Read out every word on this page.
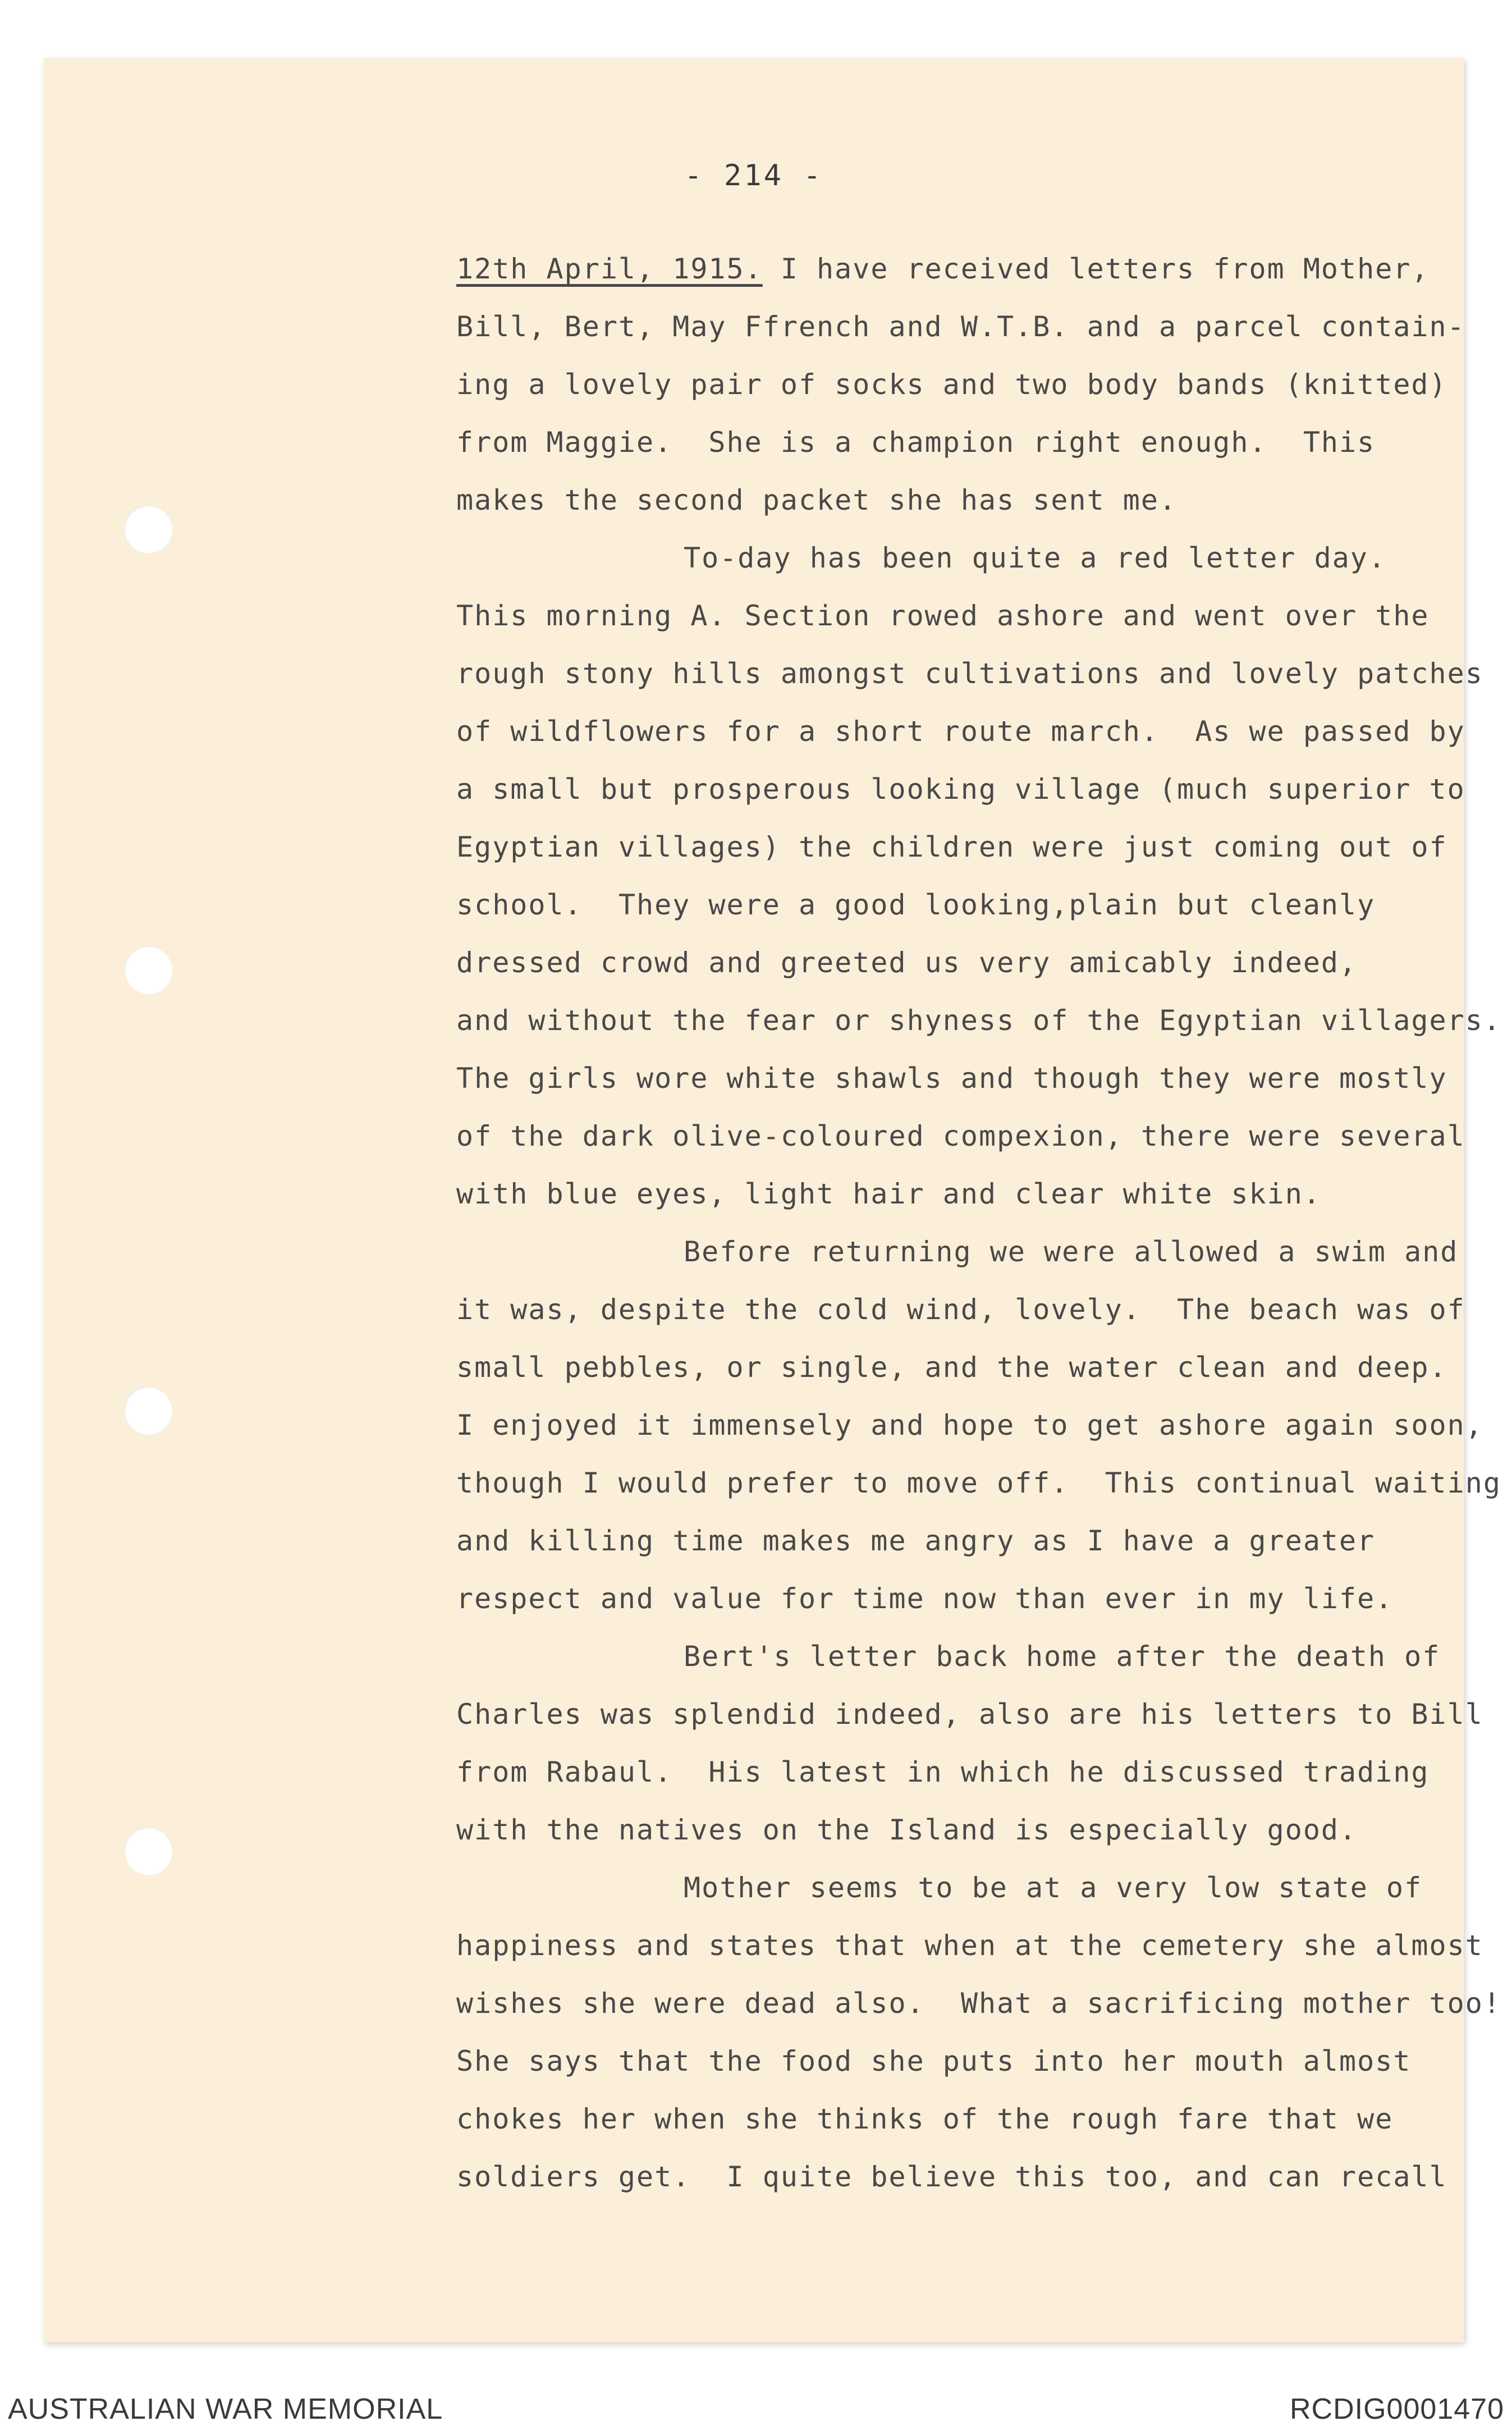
- 214 -
12th April, 1915. I have received letters from Mother,
Bill, Bert, May Ffrench and W.T.B. and a parcel contain-
ing a lovely pair of socks and two body bands (knitted)
from Maggie.  She is a champion right enough.  This
makes the second packet she has sent me.
To-day has been quite a red letter day.
This morning A. Section rowed ashore and went over the
rough stony hills amongst cultivations and lovely patches
of wildflowers for a short route march.  As we passed by
a small but prosperous looking village (much superior to
Egyptian villages) the children were just coming out of
school.  They were a good looking,plain but cleanly
dressed crowd and greeted us very amicably indeed,
and without the fear or shyness of the Egyptian villagers.
The girls wore white shawls and though they were mostly
of the dark olive-coloured compexion, there were several
with blue eyes, light hair and clear white skin.
Before returning we were allowed a swim and
it was, despite the cold wind, lovely.  The beach was of
small pebbles, or single, and the water clean and deep.
I enjoyed it immensely and hope to get ashore again soon,
though I would prefer to move off.  This continual waiting
and killing time makes me angry as I have a greater
respect and value for time now than ever in my life.
Bert's letter back home after the death of
Charles was splendid indeed, also are his letters to Bill
from Rabaul.  His latest in which he discussed trading
with the natives on the Island is especially good.
Mother seems to be at a very low state of
happiness and states that when at the cemetery she almost
wishes she were dead also.  What a sacrificing mother too!
She says that the food she puts into her mouth almost
chokes her when she thinks of the rough fare that we
soldiers get.  I quite believe this too, and can recall
AUSTRALIAN WAR MEMORIAL	RCDIG0001470
